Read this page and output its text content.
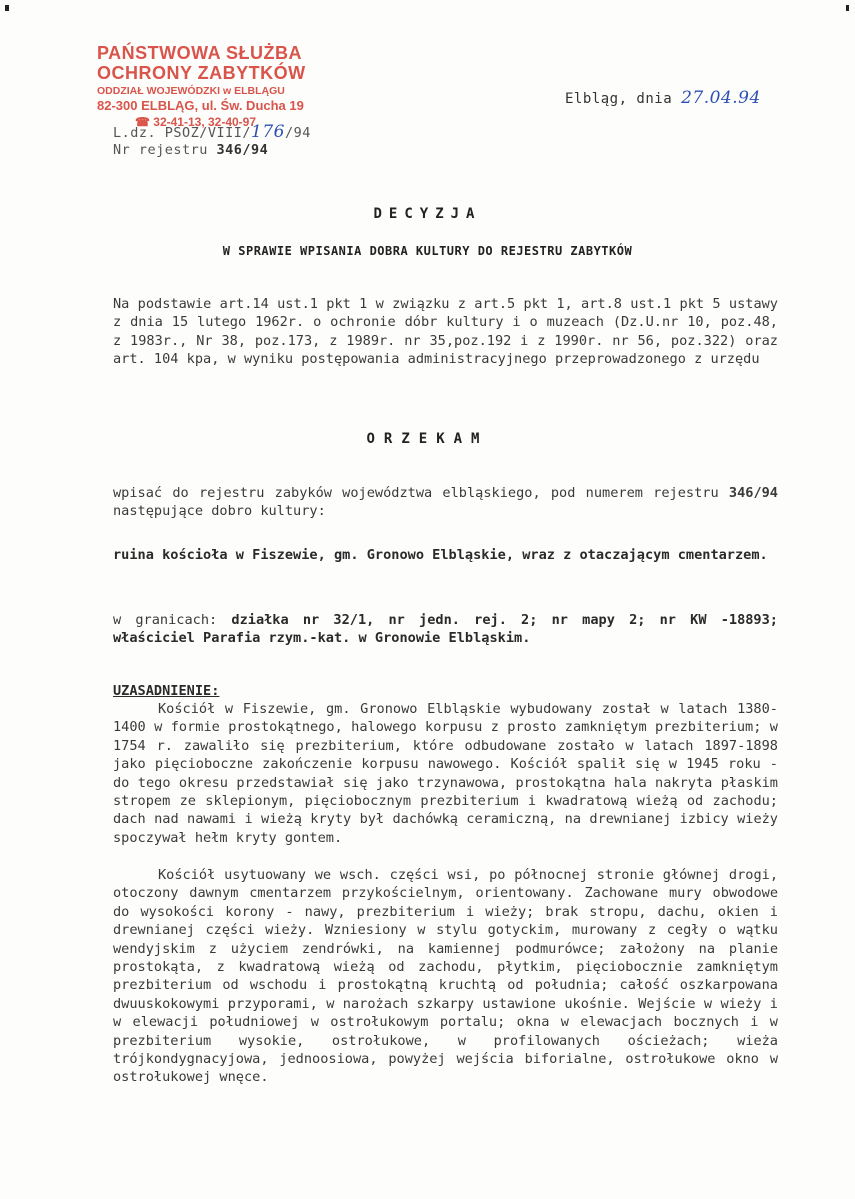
PAŃSTWOWA SŁUŻBA
OCHRONY ZABYTKÓW
ODDZIAŁ WOJEWÓDZKI w ELBLĄGU
82-300 ELBLĄG, ul. Św. Ducha 19
☎ 32-41-13, 32-40-97
L.dz. PSOZ/VIII/176/94
Nr rejestru 346/94
Elbląg, dnia 27.04.94
DECYZJA
W SPRAWIE WPISANIA DOBRA KULTURY DO REJESTRU ZABYTKÓW
Na podstawie art.14 ust.1 pkt 1 w związku z art.5 pkt 1, art.8 ust.1 pkt 5 ustawy z dnia 15 lutego 1962r. o ochronie dóbr kultury i o muzeach (Dz.U.nr 10, poz.48, z 1983r., Nr 38, poz.173, z 1989r. nr 35,poz.192 i z 1990r. nr 56, poz.322) oraz art. 104 kpa, w wyniku postępowania administracyjnego przeprowadzonego z urzędu
ORZEKAM
wpisać do rejestru zabyków województwa elbląskiego, pod numerem rejestru 346/94 następujące dobro kultury:
ruina kościoła w Fiszewie, gm. Gronowo Elbląskie, wraz z otaczającym cmentarzem.
w granicach: działka nr 32/1, nr jedn. rej. 2; nr mapy 2; nr KW -18893; właściciel Parafia rzym.-kat. w Gronowie Elbląskim.
UZASADNIENIE:
Kościół w Fiszewie, gm. Gronowo Elbląskie wybudowany został w latach 1380-1400 w formie prostokątnego, halowego korpusu z prosto zamkniętym prezbiterium; w 1754 r. zawaliło się prezbiterium, które odbudowane zostało w latach 1897-1898 jako pięcioboczne zakończenie korpusu nawowego. Kościół spalił się w 1945 roku - do tego okresu przedstawiał się jako trzynawowa, prostokątna hala nakryta płaskim stropem ze sklepionym, pięciobocznym prezbiterium i kwadratową wieżą od zachodu; dach nad nawami i wieżą kryty był dachówką ceramiczną, na drewnianej izbicy wieży spoczywał hełm kryty gontem.
Kościół usytuowany we wsch. części wsi, po północnej stronie głównej drogi, otoczony dawnym cmentarzem przykościelnym, orientowany. Zachowane mury obwodowe do wysokości korony - nawy, prezbiterium i wieży; brak stropu, dachu, okien i drewnianej części wieży. Wzniesiony w stylu gotyckim, murowany z cegły o wątku wendyjskim z użyciem zendrówki, na kamiennej podmurówce; założony na planie prostokąta, z kwadratową wieżą od zachodu, płytkim, pięciobocznie zamkniętym prezbiterium od wschodu i prostokątną kruchtą od południa; całość oszkarpowana dwuuskokowymi przyporami, w narożach szkarpy ustawione ukośnie. Wejście w wieży i w elewacji południowej w ostrołukowym portalu; okna w elewacjach bocznych i w prezbiterium wysokie, ostrołukowe, w profilowanych ościeżach; wieża trójkondygnacyjowa, jednoosiowa, powyżej wejścia biforialne, ostrołukowe okno w ostrołukowej wnęce.
